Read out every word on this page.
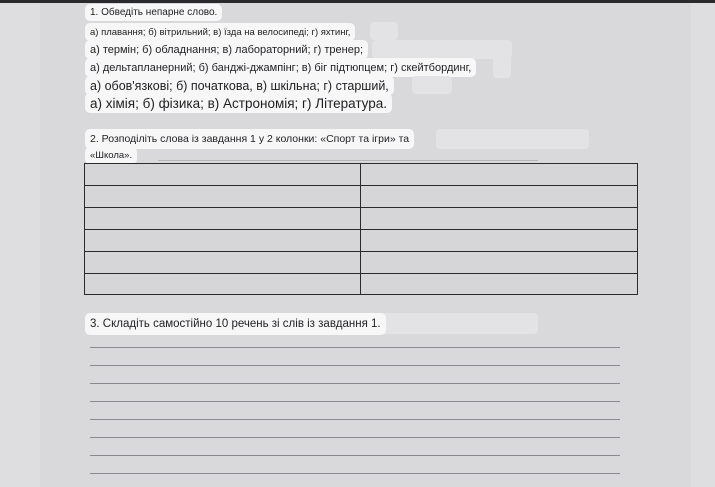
1. Обведіть непарне слово.
а) плавання; б) вітрильний; в) їзда на велосипеді; г) яхтинг,
а) термін; б) обладнання; в) лабораторний; г) тренер;
а) дельтапланерний; б) банджі-джампінг; в) біг підтюпцем; г) скейтбординг,
а) обов'язкові; б) початкова, в) шкільна; г) старший,
а) хімія; б) фізика; в) Астрономія; г) Література.
2. Розподіліть слова із завдання 1 у 2 колонки: «Спорт та ігри» та
«Школа».
3. Складіть самостійно 10 речень зі слів із завдання 1.
